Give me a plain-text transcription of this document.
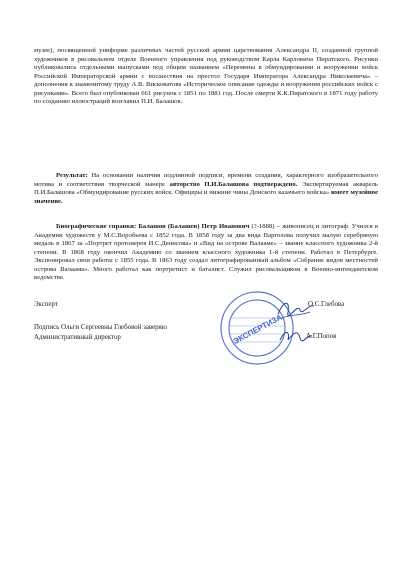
музее), посвященной униформе различных частей русской армии царствования Александра II, созданной группой художников в рисовальном отделе Военного управления под руководством Карла Карловича Пиратского. Рисунки публиковались отдельными выпусками под общим названием «Перемены в обмундировании и вооружении войск Российской Императорской армии с восшествия на престол Государя Императора Александра Николаевича» – дополнения к знаменитому труду А.В. Висковатова «Историческое описание одежды и вооружения российских войск с рисунками». Всего был опубликован 661 рисунок с 1851 по 1881 год. После смерти К.К.Пиратского в 1871 году работу по созданию иллюстраций возглавил П.И. Балашов.

Результат: На основании наличия подлинной подписи, времени создания, характерного изобразительного мотива и соответствия творческой манере авторство П.И.Балашова подтверждено. Экспертируемая акварель П.И.Балашова «Обмундирование русских войск. Офицеры и нижние чины Донского казачьего войска» имеет музейное значение.

Биографические справки: Балашов (Балашев) Петр Иванович (?-1888) – живописец и литограф. Учился в Академии художеств у М.С.Воробьева с 1852 года. В 1858 году за два вида Парголова получил малую серебряную медаль в 1867 за «Портрет протоиерея И.С.Денисова» и «Вид на острове Валааме» – звание классного художника 2-й степени. В 1868 году окончил Академию со званием классного художника 1-й степени. Работал в Петербурге. Экспонировал свои работы с 1855 года. В 1863 году создал литографированный альбом «Собрание видов местностей острова Валаама». Много работал как портретист и баталист. Служил рисовальщиком в Военно-интендантском ведомстве.

Эксперт	О.С.Глебова
Подпись Ольги Сергеевны Глебовой заверяю
Административный директор	А.Г.Попов
ЭКСПЕРТИЗА
